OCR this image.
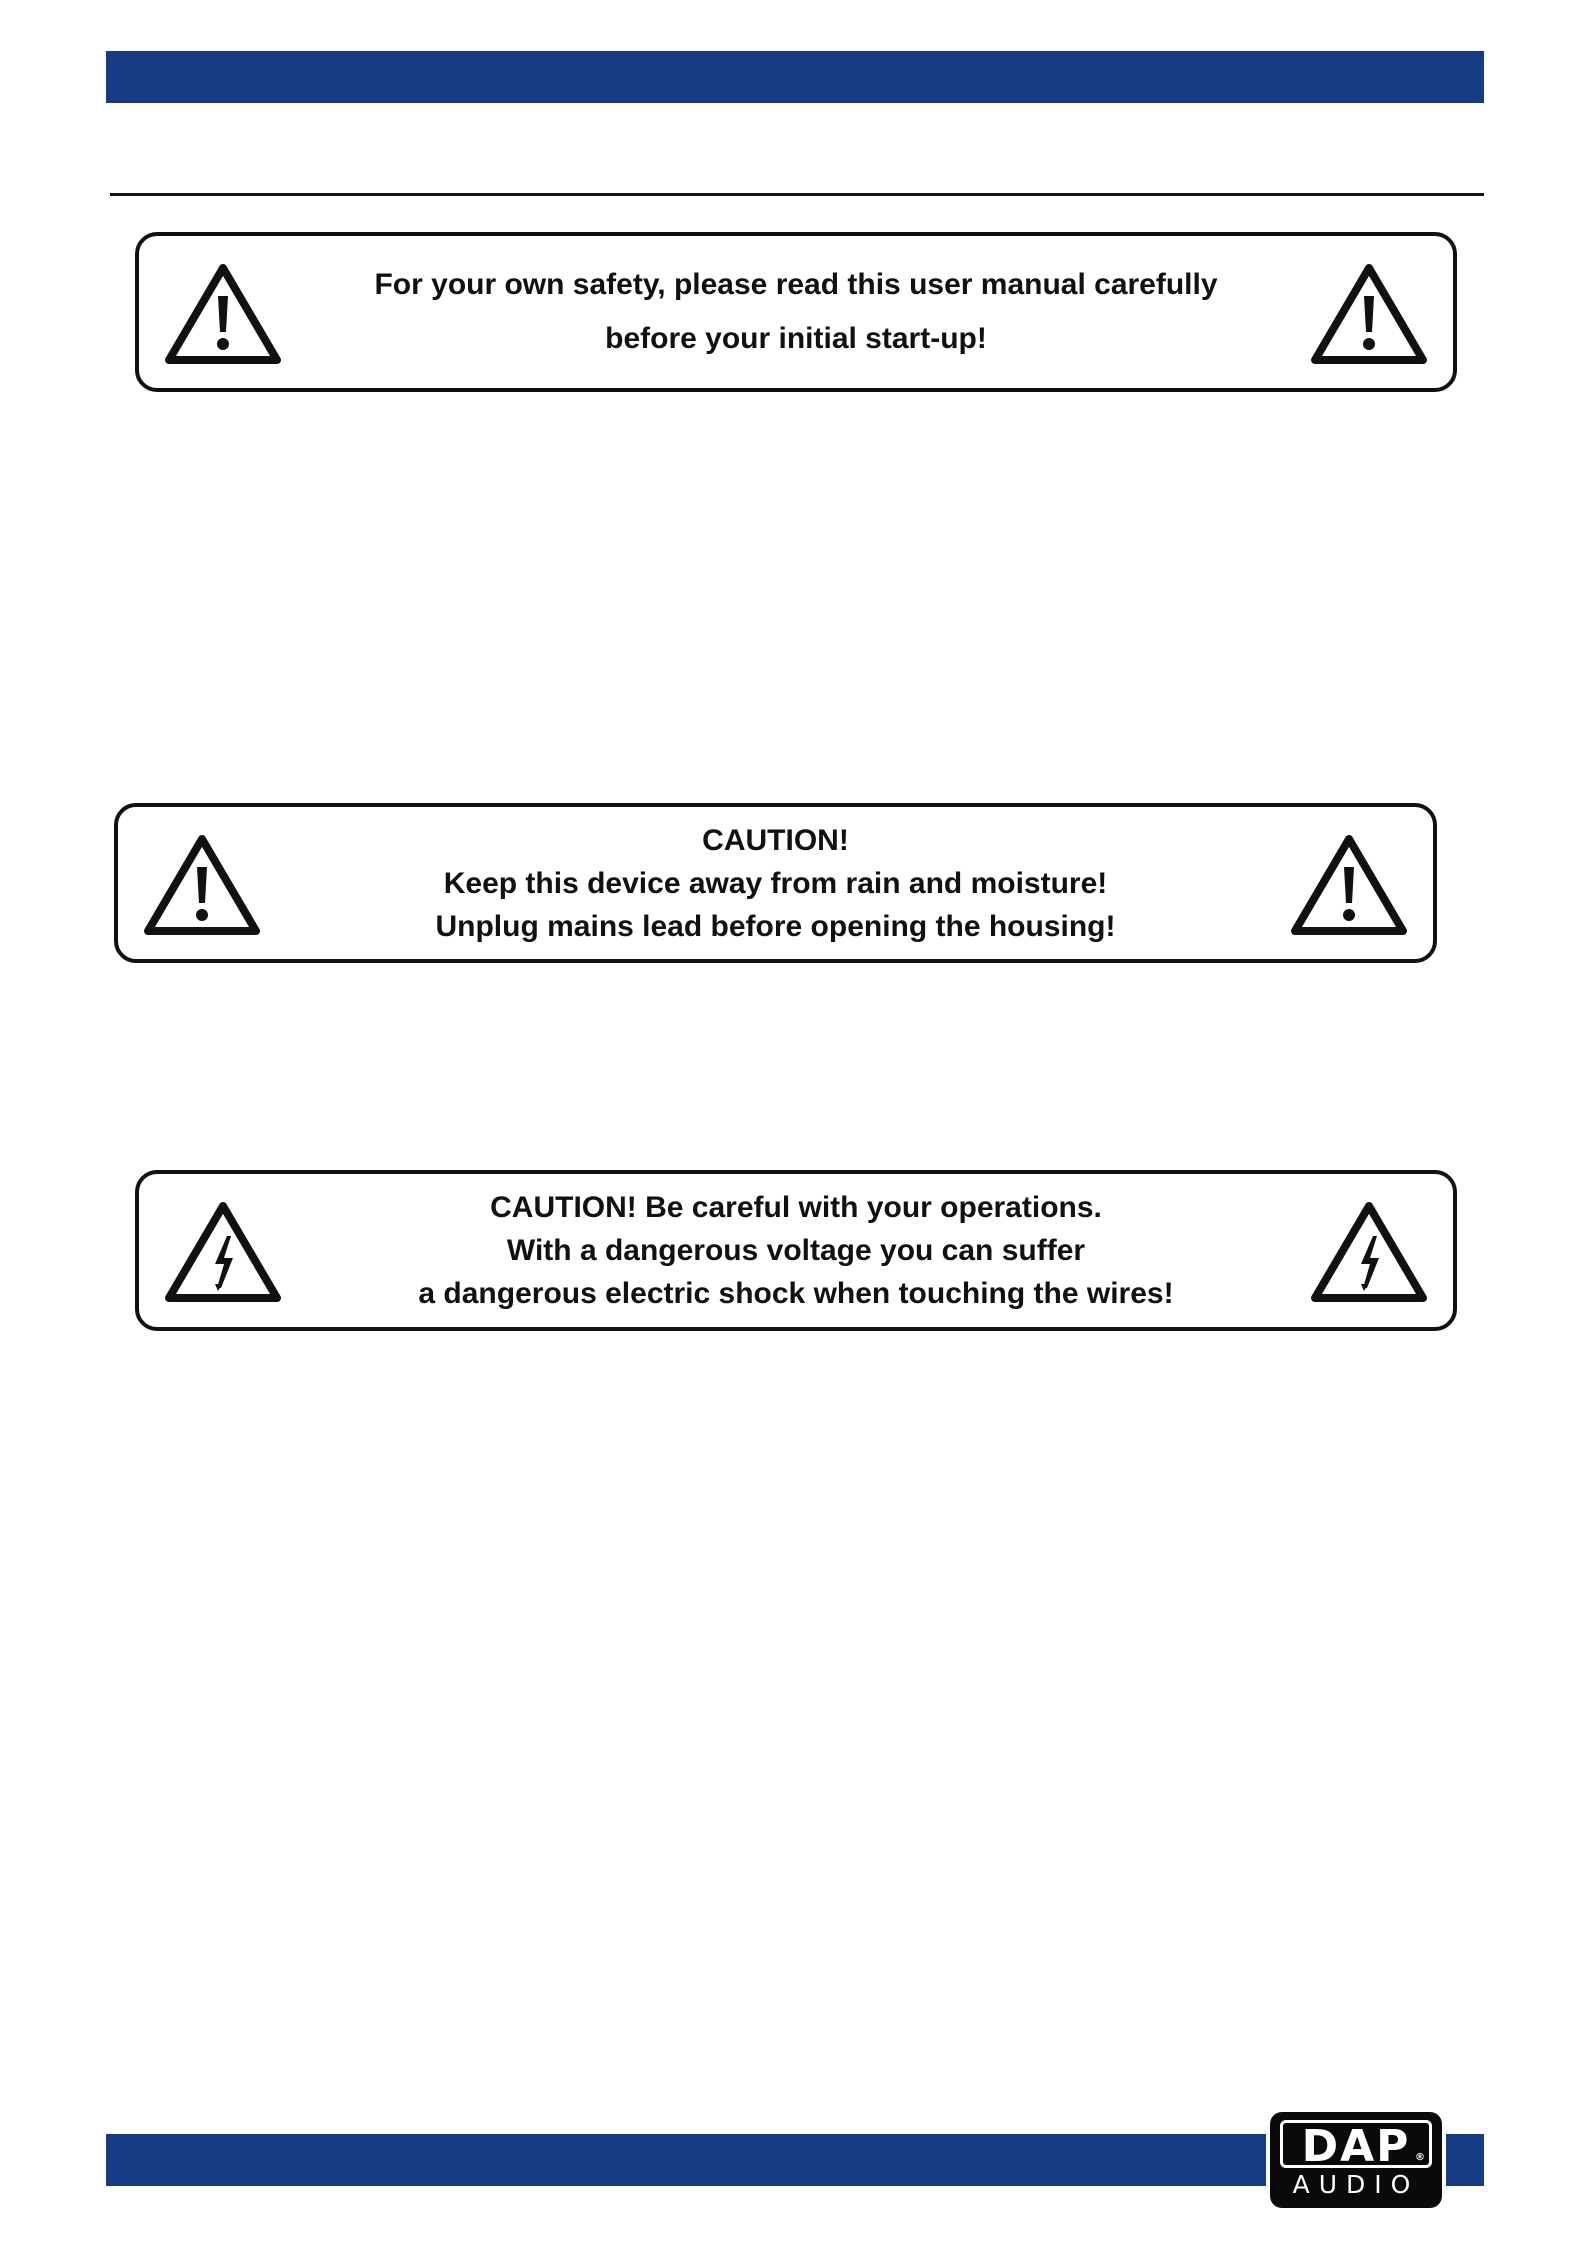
For your own safety, please read this user manual carefully
before your initial start-up!
CAUTION!
Keep this device away from rain and moisture!
Unplug mains lead before opening the housing!
CAUTION! Be careful with your operations.
With a dangerous voltage you can suffer
a dangerous electric shock when touching the wires!
DAP ®
AUDIO
